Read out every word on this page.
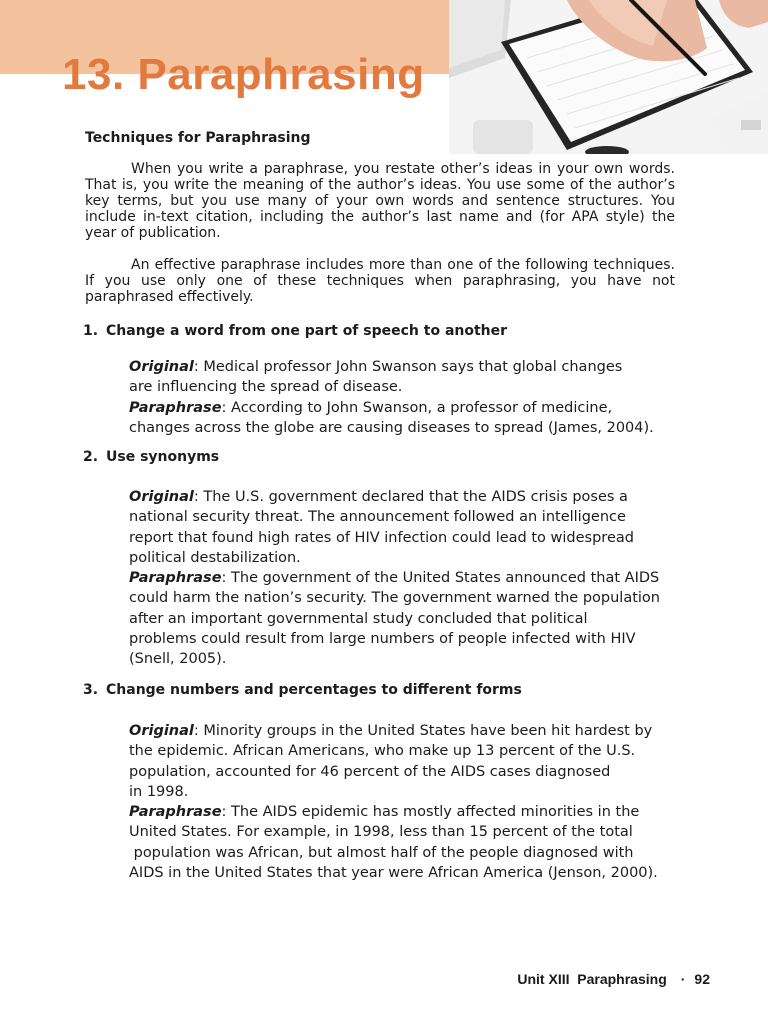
13. Paraphrasing
Techniques for Paraphrasing

When you write a paraphrase, you restate other’s ideas in your own words. That is, you write the meaning of the author’s ideas. You use some of the author’s key terms, but you use many of your own words and sentence structures. You include in-text citation, including the author’s last name and (for APA style) the year of publication.

An effective paraphrase includes more than one of the following techniques. If you use only one of these techniques when paraphrasing, you have not paraphrased effectively.

1. Change a word from one part of speech to another
Original: Medical professor John Swanson says that global changes
are influencing the spread of disease.
Paraphrase: According to John Swanson, a professor of medicine,
changes across the globe are causing diseases to spread (James, 2004).
2. Use synonyms
Original: The U.S. government declared that the AIDS crisis poses a
national security threat. The announcement followed an intelligence
report that found high rates of HIV infection could lead to widespread
political destabilization.
Paraphrase: The government of the United States announced that AIDS
could harm the nation’s security. The government warned the population
after an important governmental study concluded that political
problems could result from large numbers of people infected with HIV
(Snell, 2005).
3. Change numbers and percentages to different forms
Original: Minority groups in the United States have been hit hardest by
the epidemic. African Americans, who make up 13 percent of the U.S.
population, accounted for 46 percent of the AIDS cases diagnosed
in 1998.
Paraphrase: The AIDS epidemic has mostly affected minorities in the
United States. For example, in 1998, less than 15 percent of the total
population was African, but almost half of the people diagnosed with
AIDS in the United States that year were African America (Jenson, 2000).
Unit XIII  Paraphrasing · 92
